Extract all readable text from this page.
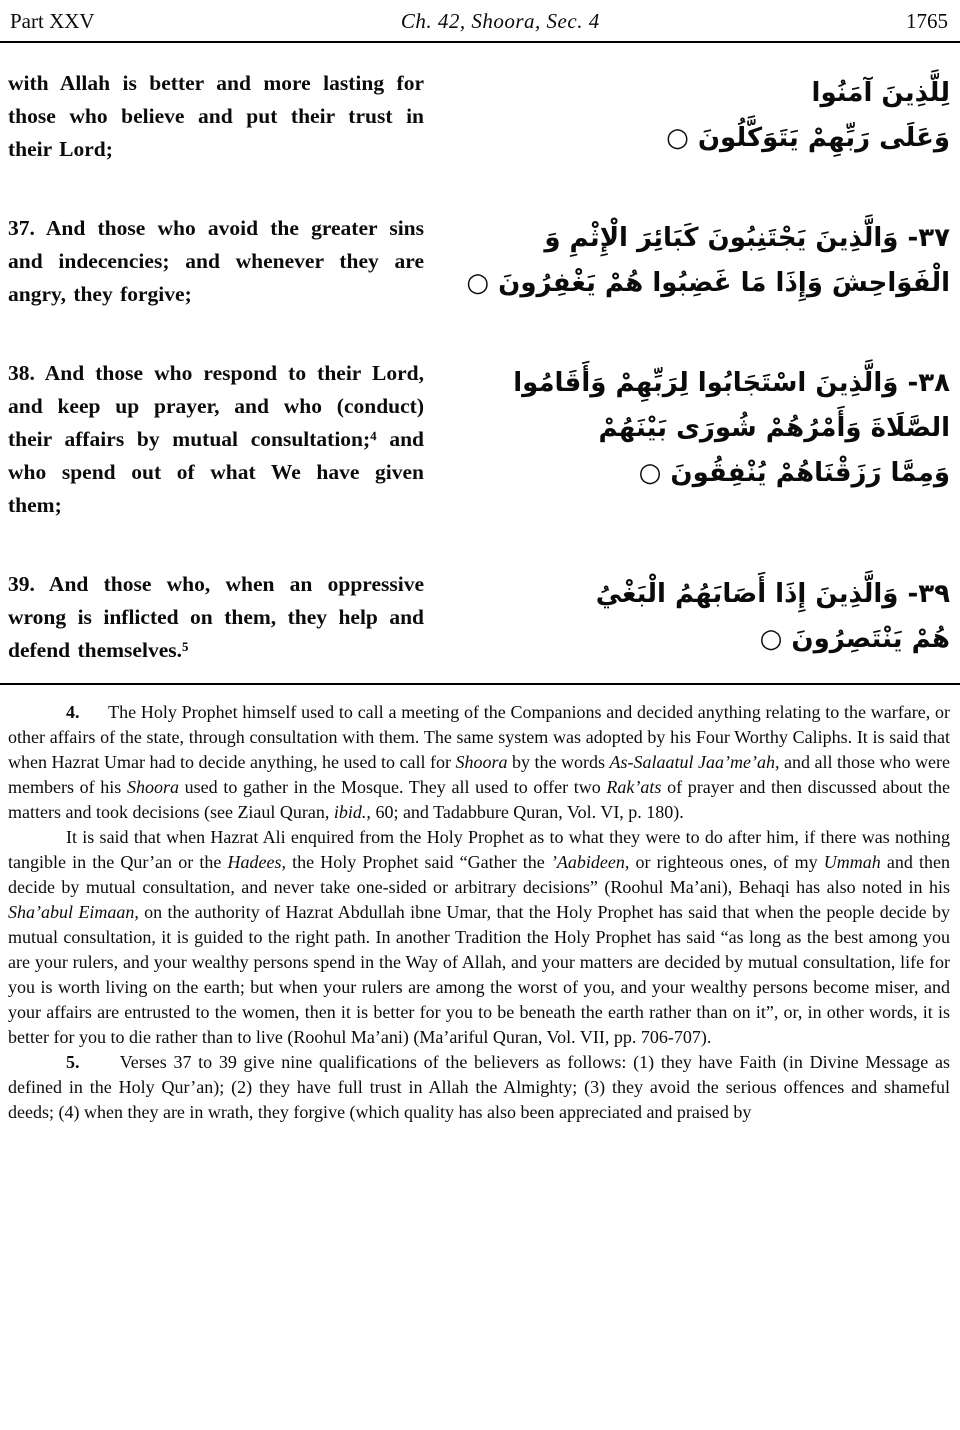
Part XXV	Ch. 42, Shoora, Sec. 4	1765

with Allah is better and more lasting for those who believe and put their trust in their Lord;

لِلَّذِينَ آمَنُوا
وَعَلَى رَبِّهِمْ يَتَوَكَّلُونَ ○

37. And those who avoid the greater sins and indecencies; and whenever they are angry, they forgive;

٣٧- وَالَّذِينَ يَجْتَنِبُونَ كَبَائِرَ الْإِثْمِ وَ
الْفَوَاحِشَ وَإِذَا مَا غَضِبُوا هُمْ يَغْفِرُونَ ○

38. And those who respond to their Lord, and keep up prayer, and who (conduct) their affairs by mutual consultation;⁴ and who spend out of what We have given them;

٣٨- وَالَّذِينَ اسْتَجَابُوا لِرَبِّهِمْ وَأَقَامُوا
الصَّلَاةَ وَأَمْرُهُمْ شُورَى بَيْنَهُمْ
وَمِمَّا رَزَقْنَاهُمْ يُنْفِقُونَ ○

39. And those who, when an oppressive wrong is inflicted on them, they help and defend themselves.⁵

٣٩- وَالَّذِينَ إِذَا أَصَابَهُمُ الْبَغْيُ
هُمْ يَنْتَصِرُونَ ○

4.      The Holy Prophet himself used to call a meeting of the Companions and decided anything relating to the warfare, or other affairs of the state, through consultation with them. The same system was adopted by his Four Worthy Caliphs. It is said that when Hazrat Umar had to decide anything, he used to call for Shoora by the words As-Salaatul Jaa’me’ah, and all those who were members of his Shoora used to gather in the Mosque. They all used to offer two Rak’ats of prayer and then discussed about the matters and took decisions (see Ziaul Quran, ibid., 60; and Tadabbure Quran, Vol. VI, p. 180).

It is said that when Hazrat Ali enquired from the Holy Prophet as to what they were to do after him, if there was nothing tangible in the Qur’an or the Hadees, the Holy Prophet said “Gather the ’Aabideen, or righteous ones, of my Ummah and then decide by mutual consultation, and never take one-sided or arbitrary decisions” (Roohul Ma’ani), Behaqi has also noted in his Sha’abul Eimaan, on the authority of Hazrat Abdullah ibne Umar, that the Holy Prophet has said that when the people decide by mutual consultation, it is guided to the right path. In another Tradition the Holy Prophet has said “as long as the best among you are your rulers, and your wealthy persons spend in the Way of Allah, and your matters are decided by mutual consultation, life for you is worth living on the earth; but when your rulers are among the worst of you, and your wealthy persons become miser, and your affairs are entrusted to the women, then it is better for you to be beneath the earth rather than on it”, or, in other words, it is better for you to die rather than to live (Roohul Ma’ani) (Ma’ariful Quran, Vol. VII, pp. 706-707).

5.      Verses 37 to 39 give nine qualifications of the believers as follows: (1) they have Faith (in Divine Message as defined in the Holy Qur’an); (2) they have full trust in Allah the Almighty; (3) they avoid the serious offences and shameful deeds; (4) when they are in wrath, they forgive (which quality has also been appreciated and praised by
